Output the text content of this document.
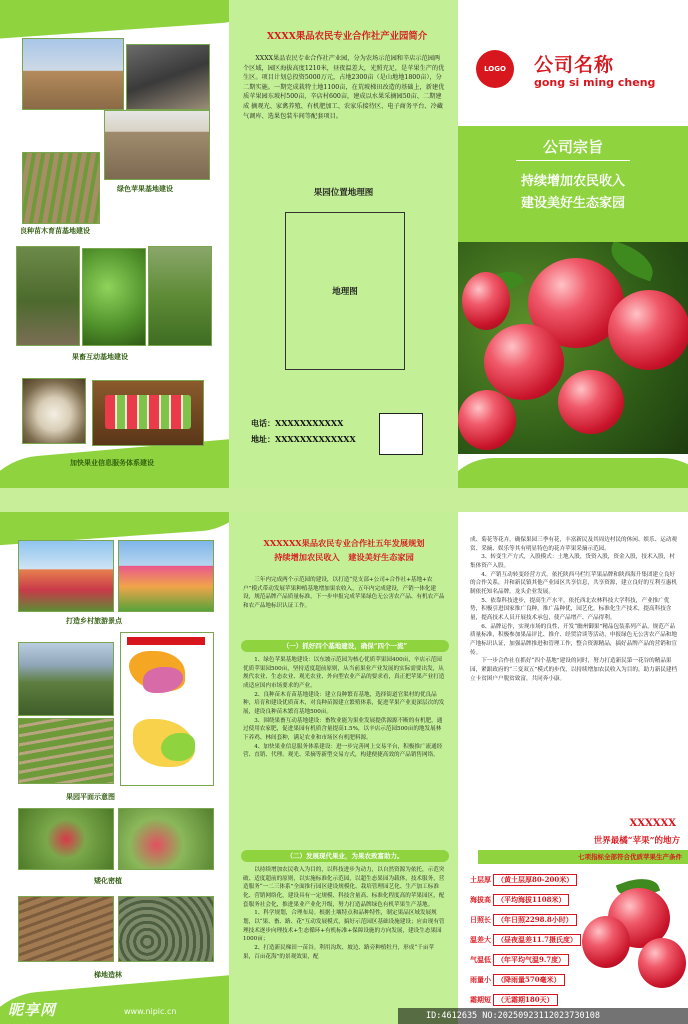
绿色苹果基地建设
良种苗木育苗基地建设
果畜互动基地建设
加快果业信息服务体系建设
XXXX果品农民专业合作社产业园简介

XXXX果品农民专业合作社产业园，分为农场示范园和辛店示范园两个区域，园区海拔高度1210米，昼夜温差大，光照充足，是苹果生产的优生区。项目计划总投资5000万元，占地2300亩（是山地地1800亩），分二期实施。一期完成栽特土地1100亩，在荒坡梯田改造的基础上，新建优质苹果园东坡村500亩，辛店村600亩，建成以水果采摘园50亩、二期建成 摘观光、家禽养殖、有机肥加工、农家乐接待区、电子商务平台、冷藏气调库、选果包装车间等配套项目。

果园位置地理图
地理图
电话：XXXXXXXXXXX
地址：XXXXXXXXXXXXX
LOGO	公司名称
gong si ming cheng
公司宗旨
持续增加农民收入
建设美好生态家园
打造乡村旅游景点
果园平面示意图
矮化密植
梯地造林
XXXXXX果品农民专业合作社五年发展规划
持续增加农民收入   建设美好生态家园

三年内完成两个示范园的建设，以打造“党支部+公司+合作社+基地+农户”模式带动发展苹果种植基地增加果农收入，五年内完成建设，产销一体化建设，规范品牌产品质量标准，下一步申报完成苹果绿色无公害农产品、有机农产品和农产品地标识认证工作。

（一）抓好四个基地建设，确保“四个一流”

1、绿色苹果基地建设：以东坡示范园为核心优质苹果园400亩，辛店示范园优质苹果园500亩，坚持适度超前原则，从当前果业产业发展的实际需要出发，从规代农业、生态农业、观光农业、外向型农业产品的要求看，真正把苹果产业打造成适应国内市场要求的产业。

2、良种苗木育苗基地建设：建立良种繁育基地，选择街道官渠村的优良品种，培育和建设优质苗木，对良种苗源建立繁殖体系，促进苹果产业更深层次的发展，建设良种苗木繁育基地500亩。

3、围绕果畜互动基地建设：畜牧业能为果业发展提供源源不断的有机肥，通过使用农家肥，促进果园有机质含量提高1.5%，以辛店示范园500亩的地发展林下养鸡、林间套种，满足农业和市场区有机肥料源。

4、加快果业信息服务体系建设：进一步完善网上交易平台，积极推广流通经营、直销、代理、观光、采摘等新型交易方式，构建便捷高效的产品销售网络。

（二）发展现代果业，为果农致富助力。

以持续增加农民收入为目的，以科技进步为动力，以自然资源为依托，示范突破、适度超前的原则，以实施标准化示范园，以超生态果园为载体，技术服务，营造服务“一二三体系”全面推行园区建设规模化、栽培管理园艺化、生产加工标准化、营销网络化，建设具有一定规模、科技含量高、标准化程度高的苹果园区，配套服务社会化，推进果业产业化升级，努力打造品牌绿色有机苹果生产基地。

1、科学规划，合理布局。根据土壤特点和品种特性，制定果品区域发展规划，以“果、畜、路、花”互动发展模式，搞好示范园区基础设施建设；应由现有管理技术逐步向理技术+生态循环+有机标准+保障设施的方向发展，建设生态果园1000亩；

2、打造新民梯田一苗谷。利用沟坎、坡边、路旁种植牡丹，形成“千亩苹果，百亩花海”的景观效果，配

成、菊花等花卉，确保果园三季有花，丰富新民及其周边村民的休闲、娱乐、运动观赏、采摘、娱乐等其有明显特色的花卉苹果采摘示范园。

3、转变生产方式，入股模式：土地入股，货资入股，资金入股，技术入股，村集体资产入股。

4、产销互动转变经营方式。依托陕西马栏红苹果品牌和陕西海升集团建立良好的合作关系，并和新民镇其他产业园区共享信息，共享资源，建立良好的互利互惠机制依托知名品牌，龙头企业发展。

5、依靠科技进步，提高生产水平。依托西北农林科技大学科技，产业推广优势，积极引进国家推广良种，推广品种优，园艺化，标准化生产技术，提高科技含量，提高技术人员开展技术承包，使产品增产、产品得利。

6、品牌运作，实现市场的良性，开发“幽州御果”精品包装系列产品，规范产品质量标准，积极参加果品评比、推介、经贸洽谈等活动，申报绿色无公害农产品和地产地标识认证，加强品牌推进和管理工作，整合资源精品，搞好品牌产品的营销和宣传。

下一步合作社在抓好“四个基地”建设的同时，努力打造新民第一花谷的精品果园，紧跟政府的“三变双五”模式的步伐，以持续增加农民收入为目的，助力新民建档立卡贫困户户脱贫致富，共同奔小康。

XXXXXX
世界最橘“苹果”的地方
七项指标全部符合优质苹果生产条件
土层厚 （黄土层厚80-200米）
海拔高 （平均海拔1108米）
日照长 （年日照2298.8小时）
温差大 （昼夜温差11.7摄氏度）
气温低 （年平均气温9.7度）
雨量小 （降雨量570毫米）
霜期短 （无霜期180天）
昵享网	www.nipic.cn	ID:4612635 NO:20250923112023730108
